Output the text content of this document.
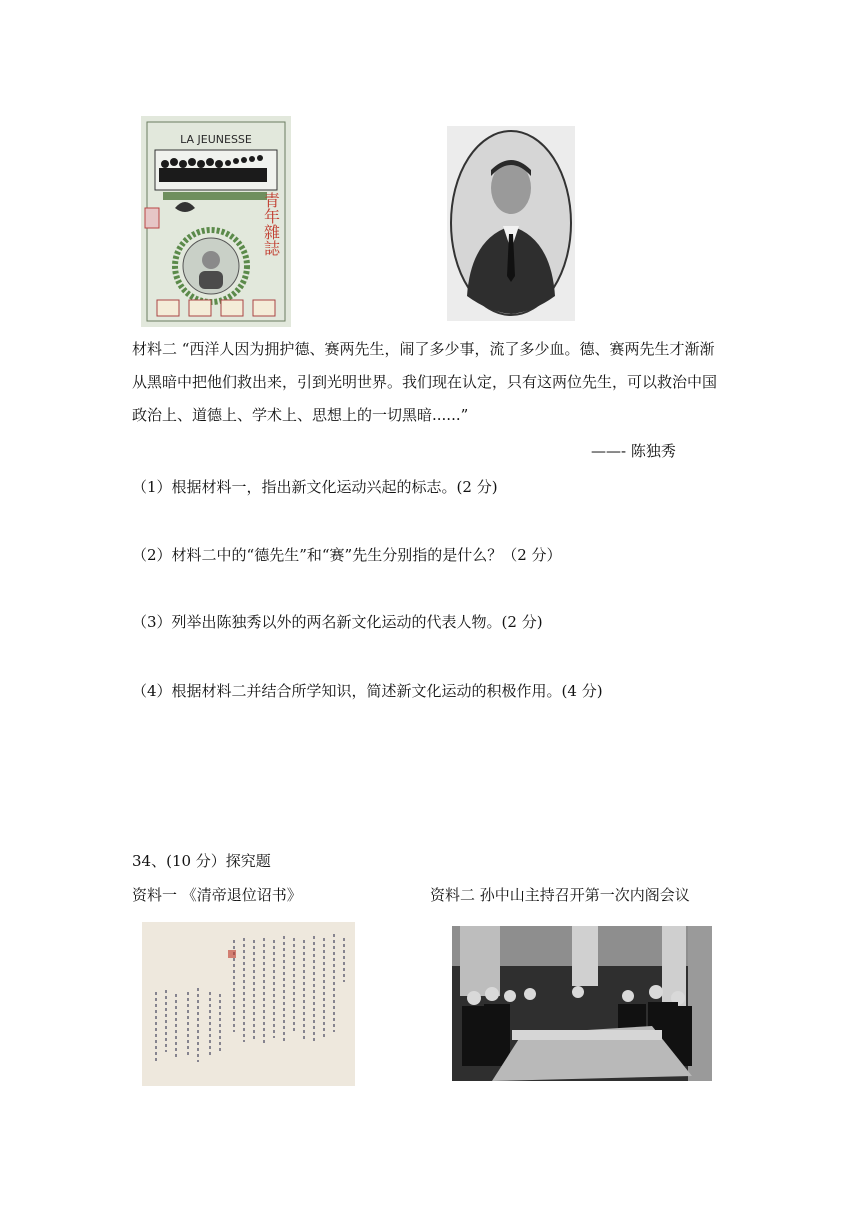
LA JEUNESSE
青年雜誌
材料二 “西洋人因为拥护德、赛两先生，闹了多少事，流了多少血。德、赛两先生才渐渐
从黑暗中把他们救出来，引到光明世界。我们现在认定，只有这两位先生，可以救治中国
政治上、道德上、学术上、思想上的一切黑暗......”
——- 陈独秀
（1）根据材料一，指出新文化运动兴起的标志。(2 分)
（2）材料二中的“德先生”和“赛”先生分别指的是什么？（2 分）
（3）列举出陈独秀以外的两名新文化运动的代表人物。(2 分)
（4）根据材料二并结合所学知识，简述新文化运动的积极作用。(4 分)
34、(10 分）探究题
资料一 《清帝退位诏书》	资料二 孙中山主持召开第一次内阁会议
